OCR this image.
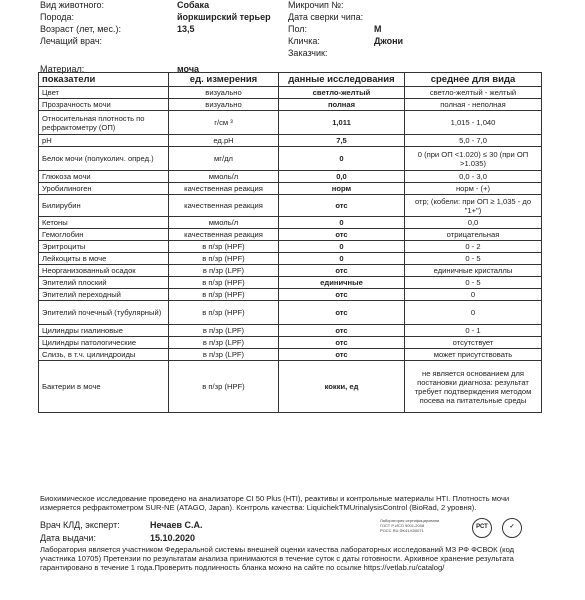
Вид животного:	Собака
Порода:	йоркширский терьер
Возраст (лет, мес.):	13,5
Лечащий врач:
Микрочип №:
Дата сверки чипа:
Пол:	М
Кличка:	Джони
Заказчик:
Материал:	моча
показатели	ед. измерения	данные исследования	среднее для вида
Цвет	визуально	светло-желтый	светло-желтый - желтый
Прозрачность мочи	визуально	полная	полная - неполная
Относительная плотность по рефрактометру (ОП)	г/см ³	1,011	1,015 - 1,040
pH	ед.pH	7,5	5,0 - 7,0
Белок мочи (полуколич. опред.)	мг/дл	0	0 (при ОП <1.020) ≤ 30 (при ОП >1.035)
Глюкоза мочи	ммоль/л	0,0	0,0 - 3,0
Уробилиноген	качественная реакция	норм	норм - (+)
Билирубин	качественная реакция	отс	отр; (кобели: при ОП ≥ 1,035 - до "1+")
Кетоны	ммоль/л	0	0,0
Гемоглобин	качественная реакция	отс	отрицательная
Эритроциты	в п/зр (HPF)	0	0 - 2
Лейкоциты в моче	в п/зр (HPF)	0	0 - 5
Неорганизованный осадок	в п/зр (LPF)	отс	единичные кристаллы
Эпителий плоский	в п/зр (HPF)	единичные	0 - 5
Эпителий переходный	в п/зр (HPF)	отс	0
Эпителий почечный (тубулярный)	в п/зр (HPF)	отс	0
Цилиндры гиалиновые	в п/зр (LPF)	отс	0 - 1
Цилиндры патологические	в п/зр (LPF)	отс	отсутствует
Слизь, в т.ч. цилиндроиды	в п/зр (LPF)	отс	может присутствовать
Бактерии в моче	в п/зр (HPF)	кокки, ед	не является основанием для постановки диагноза: результат требует подтверждения методом посева на питательные среды
Биохимическое исследование проведено на анализаторе CI 50 Plus (HTI), реактивы и контрольные материалы HTI. Плотность мочи
измеряется рефрактометром SUR-NE (ATAGO, Japan). Контроль качества: LiquichekTMUrinalysisControl (BioRad, 2 уровня).
Врач КЛД, эксперт:	Нечаев С.А.
Дата выдачи:	15.10.2020
Лаборатория сертифицирована
ГОСТ Р ИСО 9001-2008
РОСС RU.ФК41.К00071
РСТ	✓
Лаборатория является участником Федеральной системы внешней оценки качества лабораторных исследований МЗ РФ ФСВОК (код
участника 10705) Претензии по результатам анализа принимаются в течение суток с даты готовности. Архивное хранение результата
гарантировано в течение 1 года.Проверить подлинность бланка можно на сайте по ссылке https://vetlab.ru/catalog/
